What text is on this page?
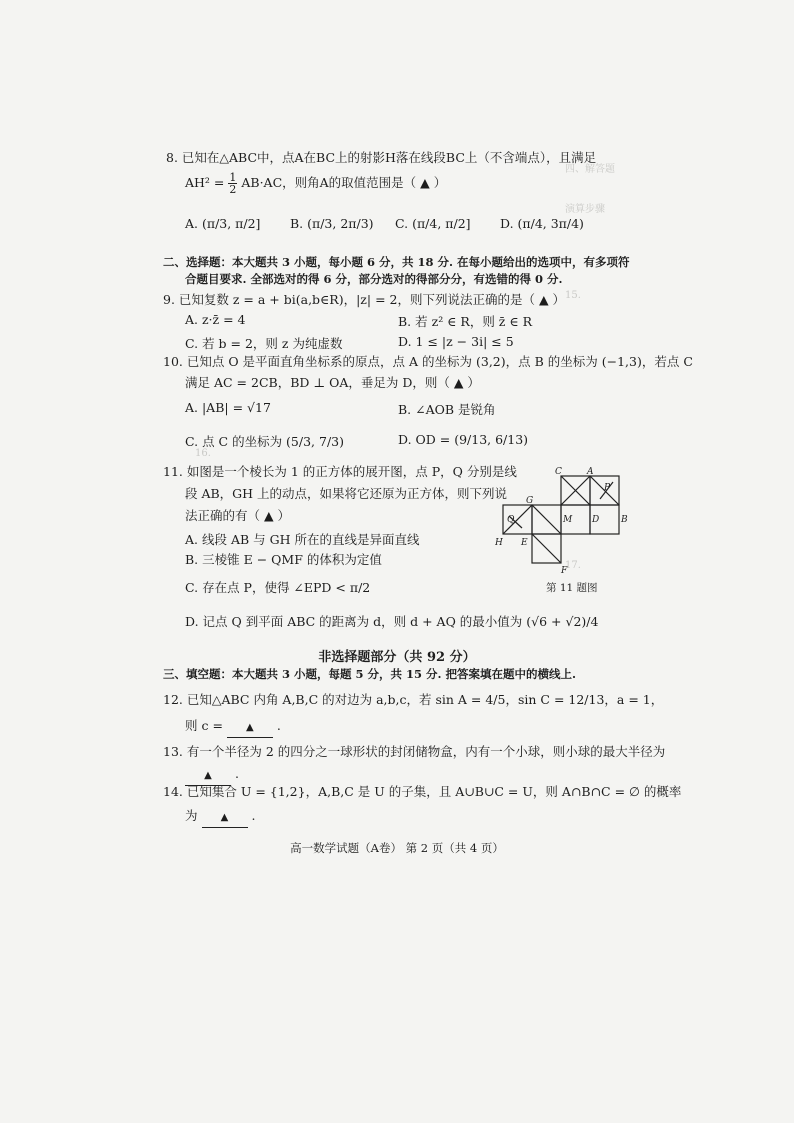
四、解答题
演算步骤
15.
16.
17.
8. 已知在△ABC中，点A在BC上的射影H落在线段BC上（不含端点），且满足
$AH^2 = \frac{1}{2} AB\cdot AC$，则角A的取值范围是（ ▲ ）
A. (π/3, π/2] B. (π/3, 2π/3) C. (π/4, π/2] D. (π/4, 3π/4)
二、选择题：本大题共 3 小题，每小题 6 分，共 18 分. 在每小题给出的选项中，有多项符
合题目要求. 全部选对的得 6 分，部分选对的得部分分，有选错的得 0 分.
9. 已知复数 z = a + bi(a,b∈R)，|z| = 2，则下列说法正确的是（ ▲ ）
A. z·z̄ = 4	B. 若 z² ∈ R，则 z̄ ∈ R
C. 若 b = 2，则 z 为纯虚数	D. 1 ≤ |z − 3i| ≤ 5
10. 已知点 O 是平面直角坐标系的原点，点 A 的坐标为 (3,2)，点 B 的坐标为 (−1,3)，若点 C
满足 AC = 2CB，BD ⊥ OA，垂足为 D，则（ ▲ ）
A. |AB| = √17	B. ∠AOB 是锐角
C. 点 C 的坐标为 (5/3, 7/3)	D. OD = (9/13, 6/13)
11. 如图是一个棱长为 1 的正方体的展开图，点 P，Q 分别是线
段 AB，GH 上的动点，如果将它还原为正方体，则下列说
法正确的有（ ▲ ）
A. 线段 AB 与 GH 所在的直线是异面直线
B. 三棱锥 E − QMF 的体积为定值
C. 存在点 P，使得 ∠EPD < π/2
D. 记点 Q 到平面 ABC 的距离为 d，则 d + AQ 的最小值为 (√6 + √2)/4
C	A
P
G
Q	M D B
H E
F
第 11 题图
非选择题部分（共 92 分）
三、填空题：本大题共 3 小题，每题 5 分，共 15 分. 把答案填在题中的横线上.
12. 已知△ABC 内角 A,B,C 的对边为 a,b,c，若 sin A = 4/5，sin C = 12/13，a = 1，
则 c = ▲ .
13. 有一个半径为 2 的四分之一球形状的封闭储物盒，内有一个小球，则小球的最大半径为
▲ .
14. 已知集合 U = {1,2}，A,B,C 是 U 的子集，且 A∪B∪C = U，则 A∩B∩C = ∅ 的概率
为 ▲ .
高一数学试题（A卷） 第 2 页（共 4 页）
